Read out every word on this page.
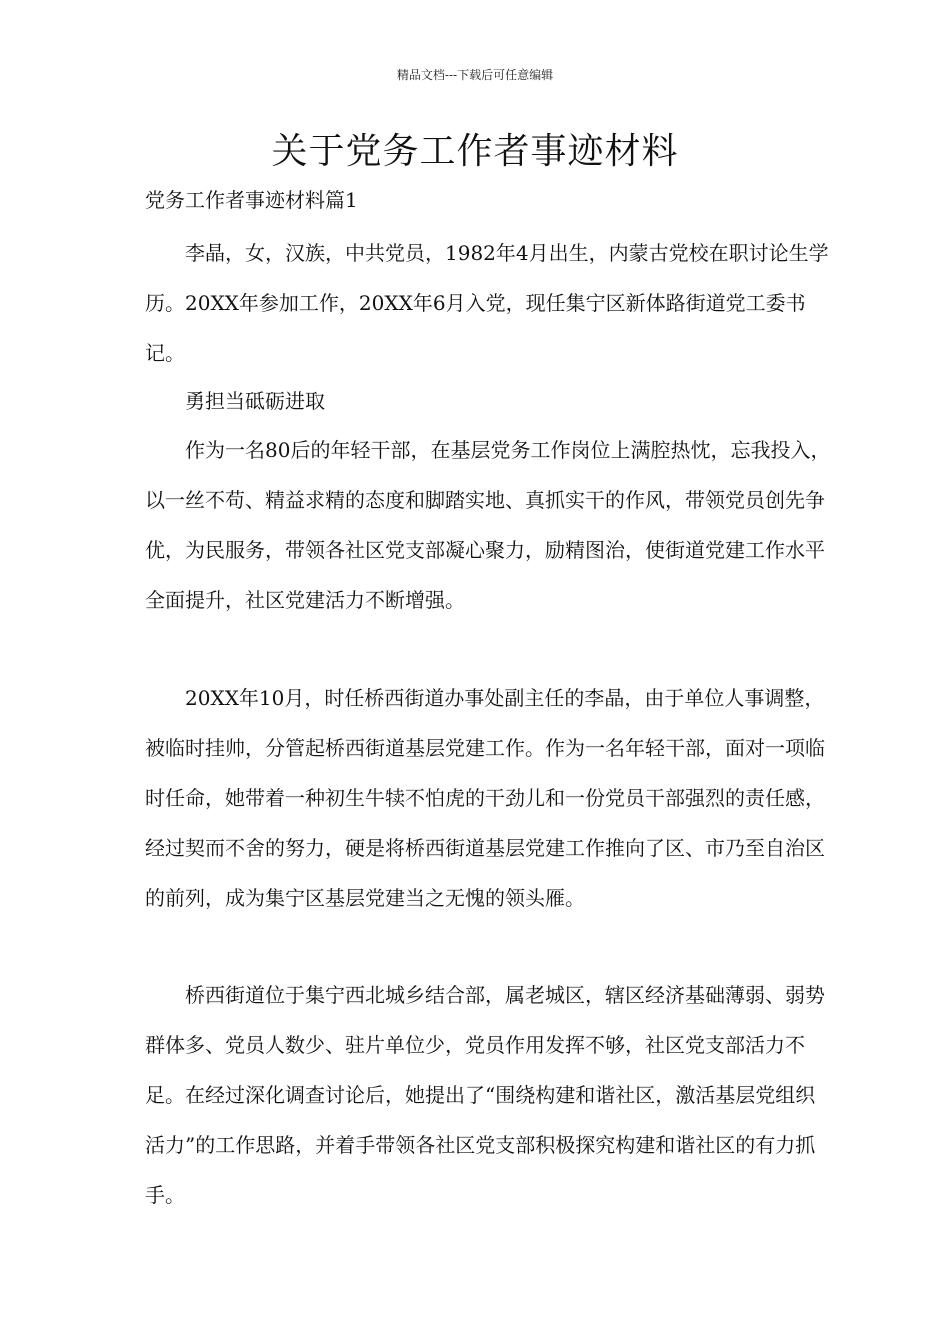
精品文档---下载后可任意编辑
关于党务工作者事迹材料
党务工作者事迹材料篇1

李晶，女，汉族，中共党员，1982年4月出生，内蒙古党校在职讨论生学历。20XX年参加工作，20XX年6月入党，现任集宁区新体路街道党工委书记。

勇担当砥砺进取

作为一名80后的年轻干部，在基层党务工作岗位上满腔热忱，忘我投入，以一丝不苟、精益求精的态度和脚踏实地、真抓实干的作风，带领党员创先争优，为民服务，带领各社区党支部凝心聚力，励精图治，使街道党建工作水平全面提升，社区党建活力不断增强。

20XX年10月，时任桥西街道办事处副主任的李晶，由于单位人事调整，被临时挂帅，分管起桥西街道基层党建工作。作为一名年轻干部，面对一项临时任命，她带着一种初生牛犊不怕虎的干劲儿和一份党员干部强烈的责任感，经过契而不舍的努力，硬是将桥西街道基层党建工作推向了区、市乃至自治区的前列，成为集宁区基层党建当之无愧的领头雁。

桥西街道位于集宁西北城乡结合部，属老城区，辖区经济基础薄弱、弱势群体多、党员人数少、驻片单位少，党员作用发挥不够，社区党支部活力不足。在经过深化调查讨论后，她提出了“围绕构建和谐社区，激活基层党组织活力”的工作思路，并着手带领各社区党支部积极探究构建和谐社区的有力抓手。
